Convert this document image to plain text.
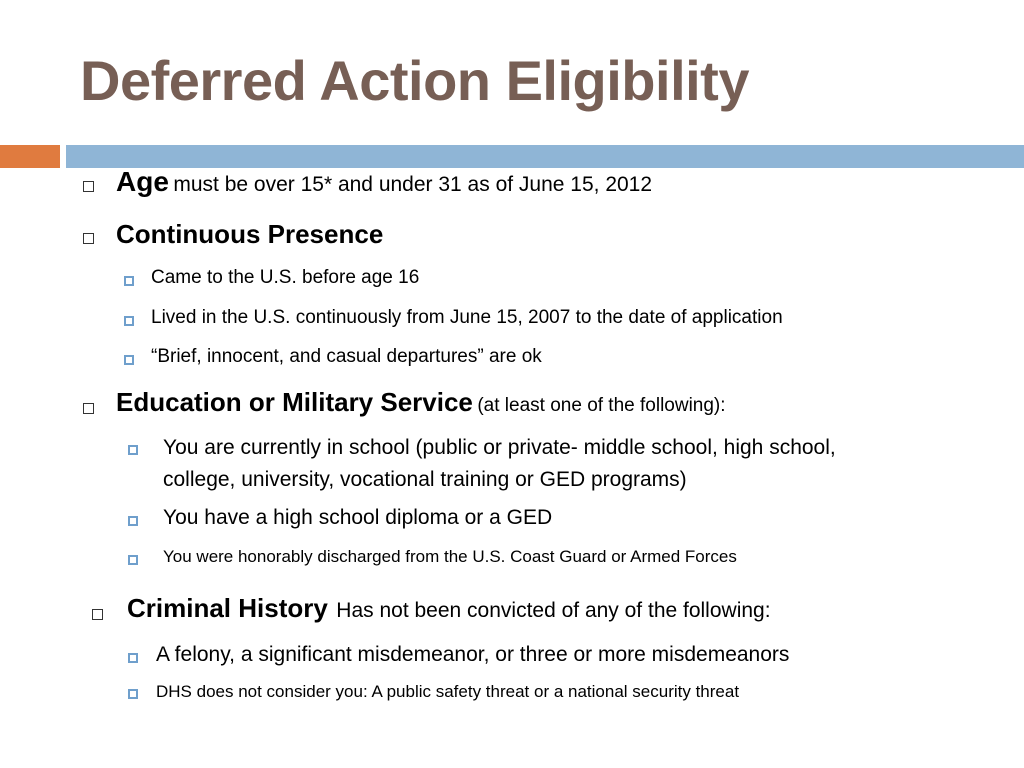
Deferred Action Eligibility
Age must be over 15* and under 31 as of June 15, 2012
Continuous Presence
Came to the U.S. before age 16
Lived in the U.S. continuously from June 15, 2007 to the date of application
“Brief, innocent, and casual departures” are ok
Education or Military Service (at least one of the following):
You are currently in school (public or private- middle school, high school,
college, university, vocational training or GED programs)
You have a high school diploma or a GED
You were honorably discharged from the U.S. Coast Guard or Armed Forces
Criminal History Has not been convicted of any of the following:
A felony, a significant misdemeanor, or three or more misdemeanors
DHS does not consider you: A public safety threat or a national security threat
